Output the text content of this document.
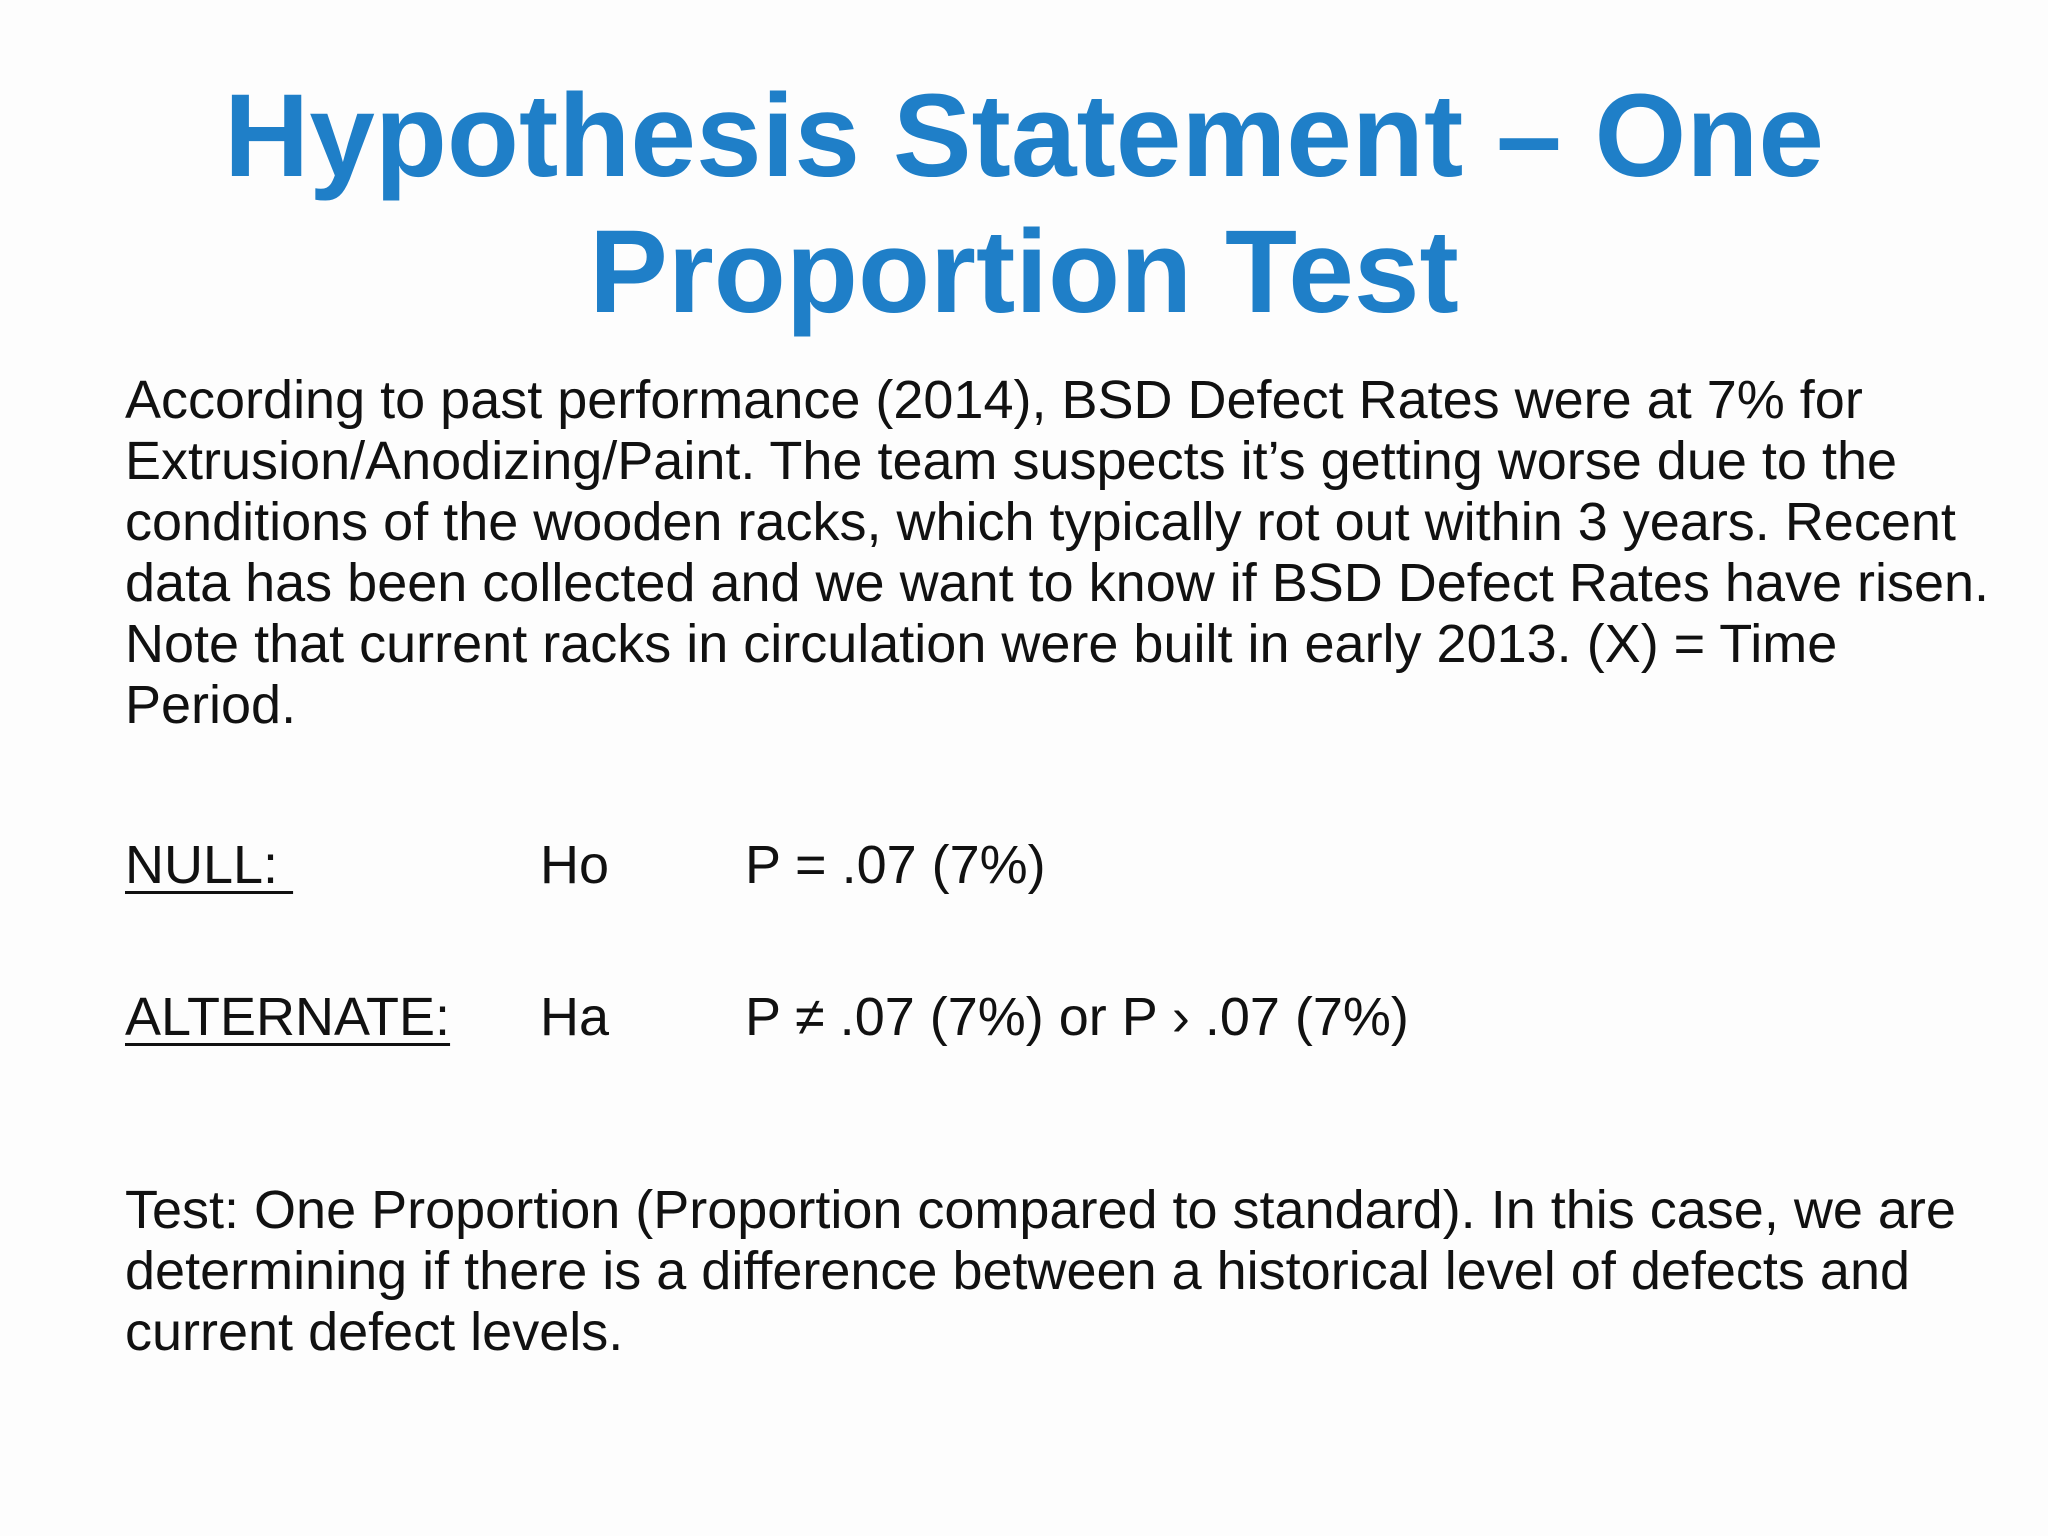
Hypothesis Statement – One
Proportion Test

According to past performance (2014), BSD Defect Rates were at 7% for Extrusion/Anodizing/Paint. The team suspects it’s getting worse due to the conditions of the wooden racks, which typically rot out within 3 years. Recent data has been collected and we want to know if BSD Defect Rates have risen. Note that current racks in circulation were built in early 2013. (X) = Time Period.

NULL:	Ho	P = .07 (7%)
ALTERNATE: Ha	P ≠ .07 (7%) or P › .07 (7%)

Test: One Proportion (Proportion compared to standard). In this case, we are determining if there is a difference between a historical level of defects and current defect levels.
